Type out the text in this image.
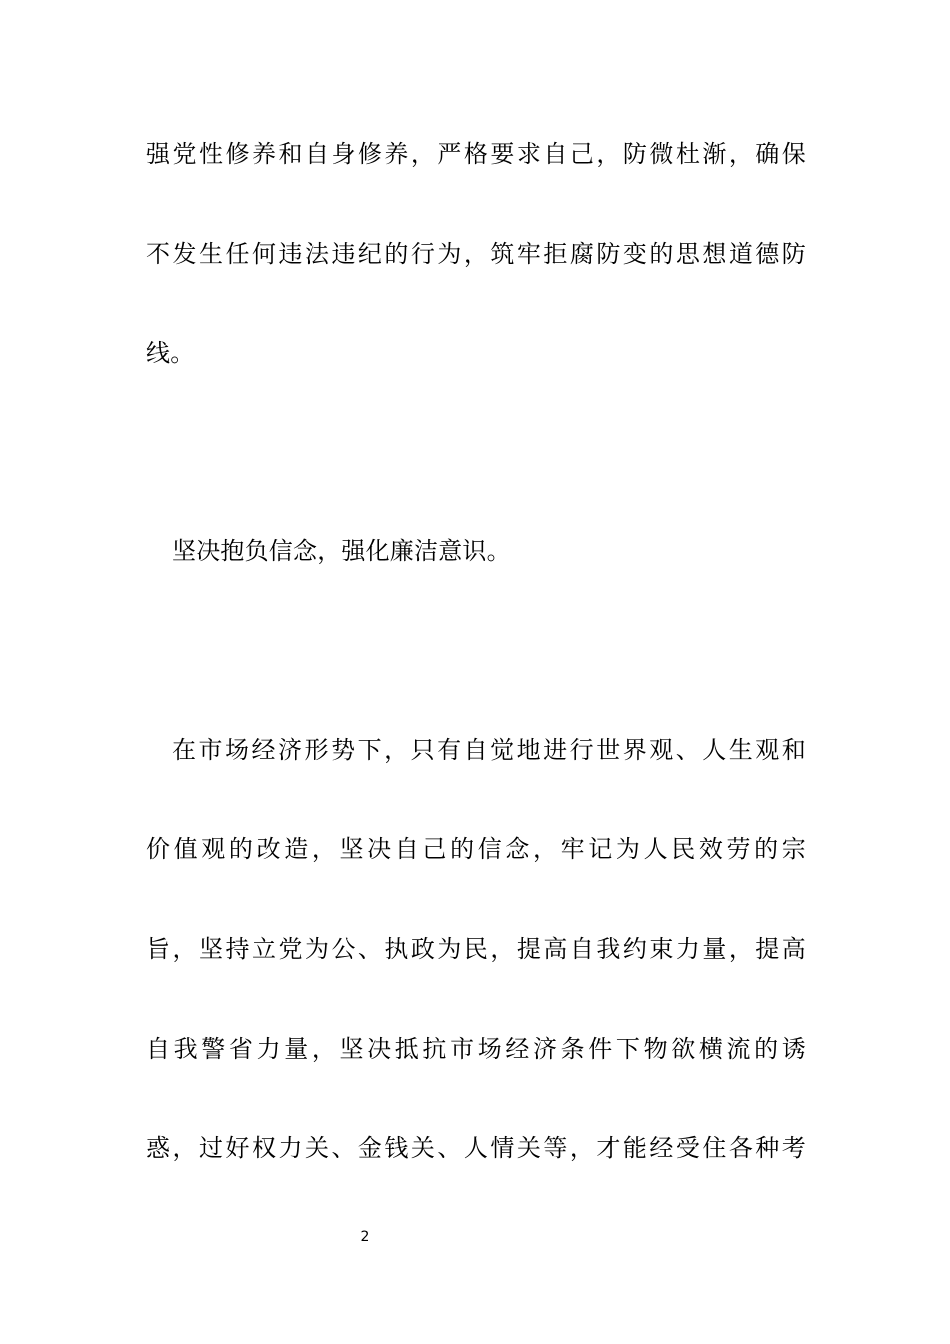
强党性修养和自身修养，严格要求自己，防微杜渐，确保
不发生任何违法违纪的行为，筑牢拒腐防变的思想道德防
线。
坚决抱负信念，强化廉洁意识。
在市场经济形势下，只有自觉地进行世界观、人生观和
价值观的改造，坚决自己的信念，牢记为人民效劳的宗
旨，坚持立党为公、执政为民，提高自我约束力量，提高
自我警省力量，坚决抵抗市场经济条件下物欲横流的诱
惑，过好权力关、金钱关、人情关等，才能经受住各种考
2
